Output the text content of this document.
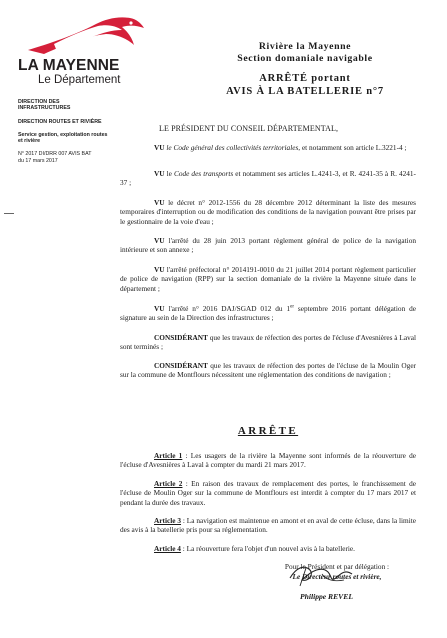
LA MAYENNE
Le Département
DIRECTION DES
INFRASTRUCTURES
DIRECTION ROUTES ET RIVIÈRE
Service gestion, exploitation routes
et rivière
N° 2017 DI/DRR 007 AVIS BAT
du 17 mars 2017
Rivière la Mayenne
Section domaniale navigable
ARRÊTÉ portant
AVIS À LA BATELLERIE n°7
LE PRÉSIDENT DU CONSEIL DÉPARTEMENTAL,
VU le Code général des collectivités territoriales, et notamment son article L.3221-4 ;
VU le Code des transports et notamment ses articles L.4241-3, et R. 4241-35 à R. 4241-37 ;
VU le décret n° 2012-1556 du 28 décembre 2012 déterminant la liste des mesures temporaires d'interruption ou de modification des conditions de la navigation pouvant être prises par le gestionnaire de la voie d'eau ;
VU l'arrêté du 28 juin 2013 portant règlement général de police de la navigation intérieure et son annexe ;
VU l'arrêté préfectoral n° 2014191-0010 du 21 juillet 2014 portant règlement particulier de police de navigation (RPP) sur la section domaniale de la rivière la Mayenne située dans le département ;
VU l'arrêté n° 2016 DAJ/SGAD 012 du 1er septembre 2016 portant délégation de signature au sein de la Direction des infrastructures ;
CONSIDÉRANT que les travaux de réfection des portes de l'écluse d'Avesnières à Laval sont terminés ;
CONSIDÉRANT que les travaux de réfection des portes de l'écluse de la Moulin Oger sur la commune de Montflours nécessitent une réglementation des conditions de navigation ;
ARRÊTE
Article 1 : Les usagers de la rivière la Mayenne sont informés de la réouverture de l'écluse d'Avesnières à Laval à compter du mardi 21 mars 2017.
Article 2 : En raison des travaux de remplacement des portes, le franchissement de l'écluse de Moulin Oger sur la commune de Montflours est interdit à compter du 17 mars 2017 et pendant la durée des travaux.
Article 3 : La navigation est maintenue en amont et en aval de cette écluse, dans la limite des avis à la batellerie pris pour sa réglementation.
Article 4 : La réouverture fera l'objet d'un nouvel avis à la batellerie.
Pour le Président et par délégation :
Le Directeur routes et rivière,
Philippe REVEL
